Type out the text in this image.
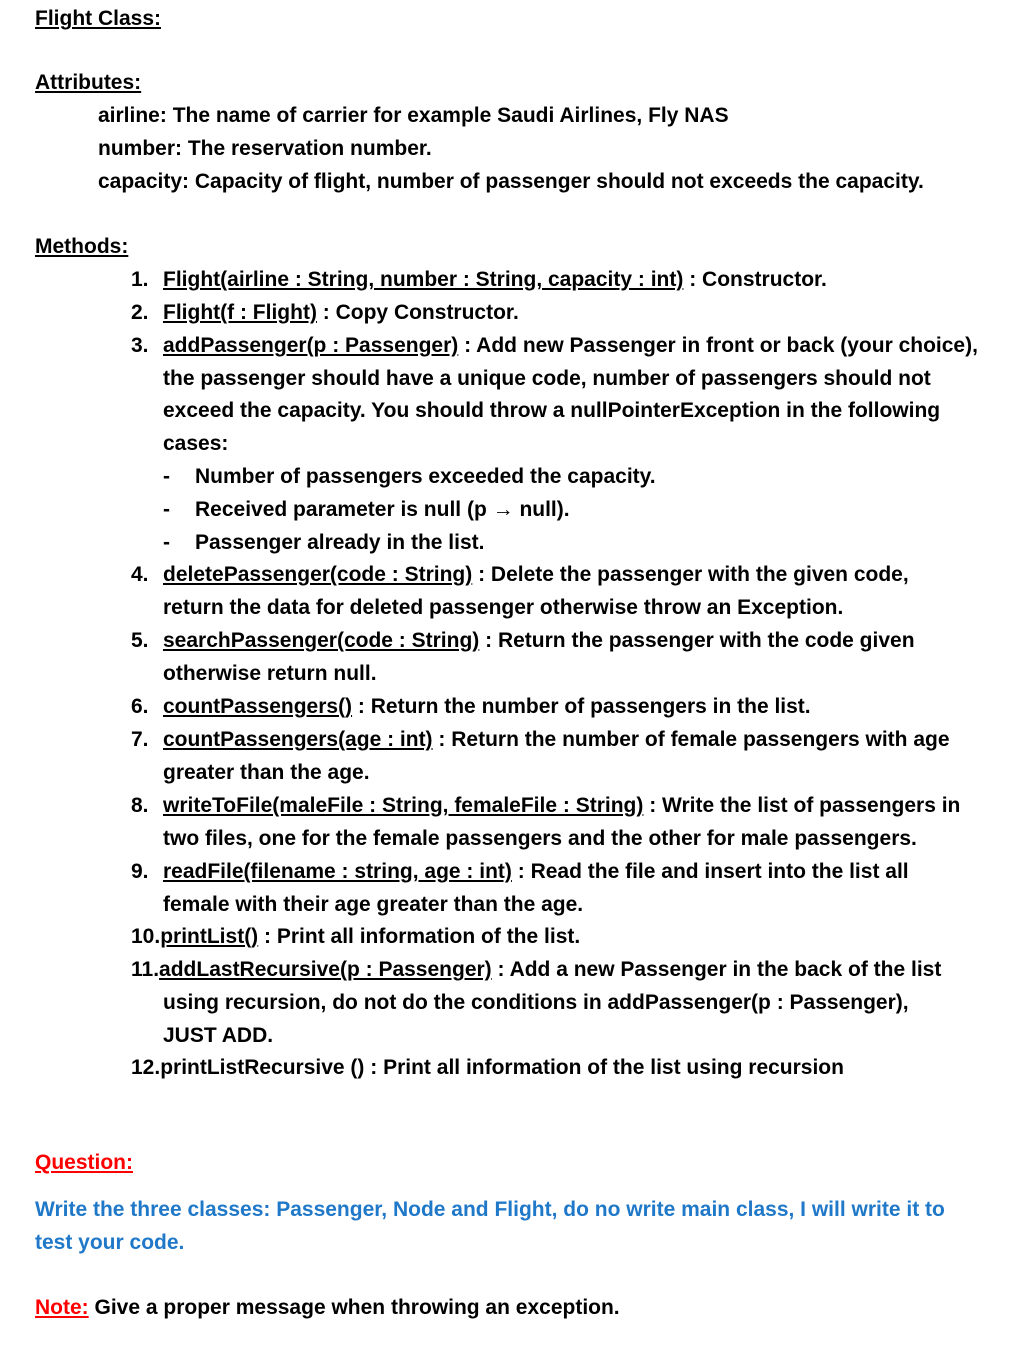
Flight Class:
Attributes:
airline: The name of carrier for example Saudi Airlines, Fly NAS
number: The reservation number.
capacity: Capacity of flight, number of passenger should not exceeds the capacity.
Methods:
1. Flight(airline : String, number : String, capacity : int) : Constructor.
2. Flight(f : Flight) : Copy Constructor.
3. addPassenger(p : Passenger) : Add new Passenger in front or back (your choice),
the passenger should have a unique code, number of passengers should not
exceed the capacity. You should throw a nullPointerException in the following
cases:
- Number of passengers exceeded the capacity.
- Received parameter is null (p → null).
- Passenger already in the list.
4. deletePassenger(code : String) : Delete the passenger with the given code,
return the data for deleted passenger otherwise throw an Exception.
5. searchPassenger(code : String) : Return the passenger with the code given
otherwise return null.
6. countPassengers() : Return the number of passengers in the list.
7. countPassengers(age : int) : Return the number of female passengers with age
greater than the age.
8. writeToFile(maleFile : String, femaleFile : String) : Write the list of passengers in
two files, one for the female passengers and the other for male passengers.
9. readFile(filename : string, age : int) : Read the file and insert into the list all
female with their age greater than the age.
10.printList() : Print all information of the list.
11.addLastRecursive(p : Passenger) : Add a new Passenger in the back of the list
using recursion, do not do the conditions in addPassenger(p : Passenger),
JUST ADD.
12.printListRecursive () : Print all information of the list using recursion
Question:
Write the three classes: Passenger, Node and Flight, do no write main class, I will write it to
test your code.
Note: Give a proper message when throwing an exception.
